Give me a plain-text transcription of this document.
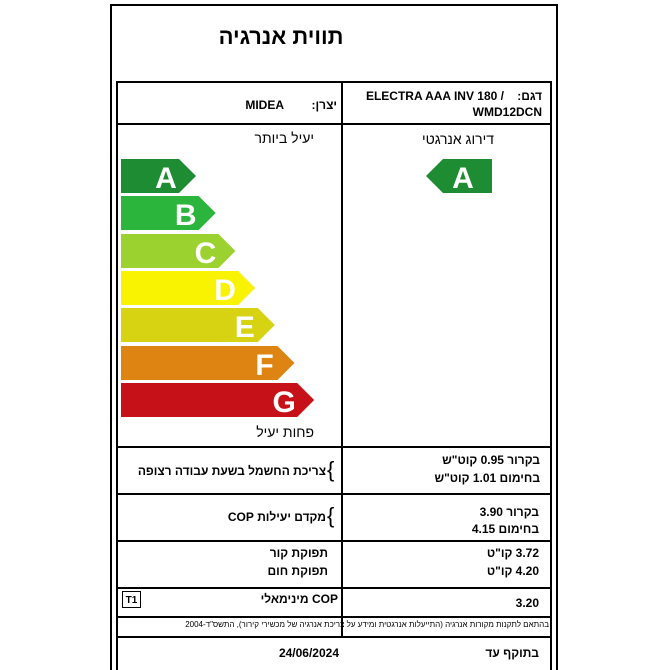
תווית אנרגיה
דגם:
ELECTRA AAA INV 180 /
WMD12DCN
יצרן:
MIDEA
יעיל ביותר
פחות יעיל
דירוג אנרגטי
A
B
C
D
E
F
G
A
בקרור 0.95 קוט"ש
בחימום 1.01 קוט"ש
{
צריכת החשמל בשעת עבודה רצופה
בקרור 3.90
בחימום 4.15
{
מקדם יעילות COP
3.72 קו"ט
4.20 קו"ט
תפוקת קור
תפוקת חום
3.20
COP מינימאלי
T1
בהתאם לתקנות מקורות אנרגיה (התייעלות אנרגטית ומידע על צריכת אנרגיה של מכשירי קירור), התשס"ד-2004
בתוקף עד
24/06/2024
